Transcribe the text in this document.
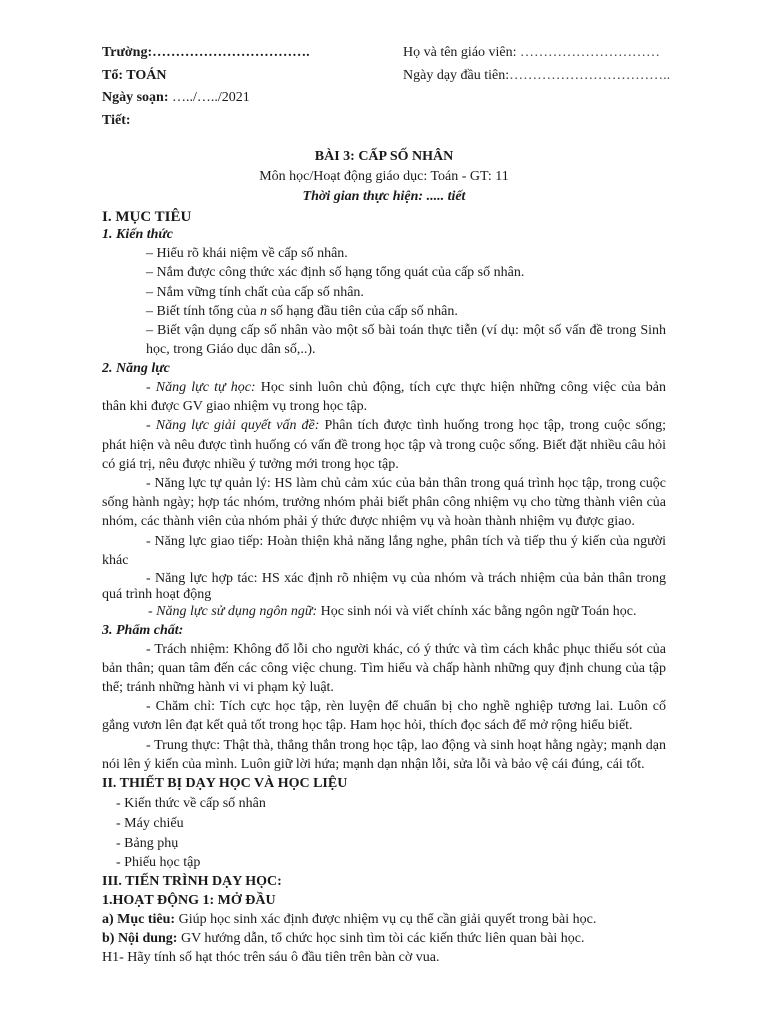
Trường:…………………………….	Họ và tên giáo viên: …………………………
Tổ: TOÁN	Ngày dạy đầu tiên:……………………………..
Ngày soạn: …../…../2021
Tiết:
BÀI 3: CẤP SỐ NHÂN
Môn học/Hoạt động giáo dục: Toán - GT: 11
Thời gian thực hiện: ..... tiết
I. MỤC TIÊU
1. Kiến thức
– Hiểu rõ khái niệm về cấp số nhân.
– Nắm được công thức xác định số hạng tổng quát của cấp số nhân.
– Nắm vững tính chất của cấp số nhân.
– Biết tính tổng của n số hạng đầu tiên của cấp số nhân.
– Biết vận dụng cấp số nhân vào một số bài toán thực tiễn (ví dụ: một số vấn đề trong Sinh
học, trong Giáo dục dân số,..).
2. Năng lực
- Năng lực tự học: Học sinh luôn chủ động, tích cực thực hiện những công việc của bản
thân khi được GV giao nhiệm vụ trong học tập.
- Năng lực giải quyết vấn đề: Phân tích được tình huống trong học tập, trong cuộc sống;
phát hiện và nêu được tình huống có vấn đề trong học tập và trong cuộc sống. Biết đặt nhiều câu hỏi
có giá trị, nêu được nhiều ý tưởng mới trong học tập.
- Năng lực tự quản lý: HS làm chủ cảm xúc của bản thân trong quá trình học tập, trong cuộc
sống hành ngày; hợp tác nhóm, trưởng nhóm phải biết phân công nhiệm vụ cho từng thành viên của
nhóm, các thành viên của nhóm phải ý thức được nhiệm vụ và hoàn thành nhiệm vụ được giao.
- Năng lực giao tiếp: Hoàn thiện khả năng lắng nghe, phân tích và tiếp thu ý kiến của người
khác
- Năng lực hợp tác: HS xác định rõ nhiệm vụ của nhóm và trách nhiệm của bản thân trong
quá trình hoạt động
- Năng lực sử dụng ngôn ngữ: Học sinh nói và viết chính xác bằng ngôn ngữ Toán học.
3. Phẩm chất:
- Trách nhiệm: Không đổ lỗi cho người khác, có ý thức và tìm cách khắc phục thiếu sót của
bản thân; quan tâm đến các công việc chung. Tìm hiểu và chấp hành những quy định chung của tập
thể; tránh những hành vi vi phạm kỷ luật.
- Chăm chỉ: Tích cực học tập, rèn luyện để chuẩn bị cho nghề nghiệp tương lai. Luôn cố
gắng vươn lên đạt kết quả tốt trong học tập. Ham học hỏi, thích đọc sách để mở rộng hiểu biết.
- Trung thực: Thật thà, thẳng thắn trong học tập, lao động và sinh hoạt hằng ngày; mạnh dạn
nói lên ý kiến của mình. Luôn giữ lời hứa; mạnh dạn nhận lỗi, sửa lỗi và bảo vệ cái đúng, cái tốt.
II. THIẾT BỊ DẠY HỌC VÀ HỌC LIỆU
- Kiến thức về cấp số nhân
- Máy chiếu
- Bảng phụ
- Phiếu học tập
III. TIẾN TRÌNH DẠY HỌC:
1.HOẠT ĐỘNG 1: MỞ ĐẦU
a) Mục tiêu: Giúp học sinh xác định được nhiệm vụ cụ thể cần giải quyết trong bài học.
b) Nội dung: GV hướng dẫn, tổ chức học sinh tìm tòi các kiến thức liên quan bài học.
H1- Hãy tính số hạt thóc trên sáu ô đầu tiên trên bàn cờ vua.
